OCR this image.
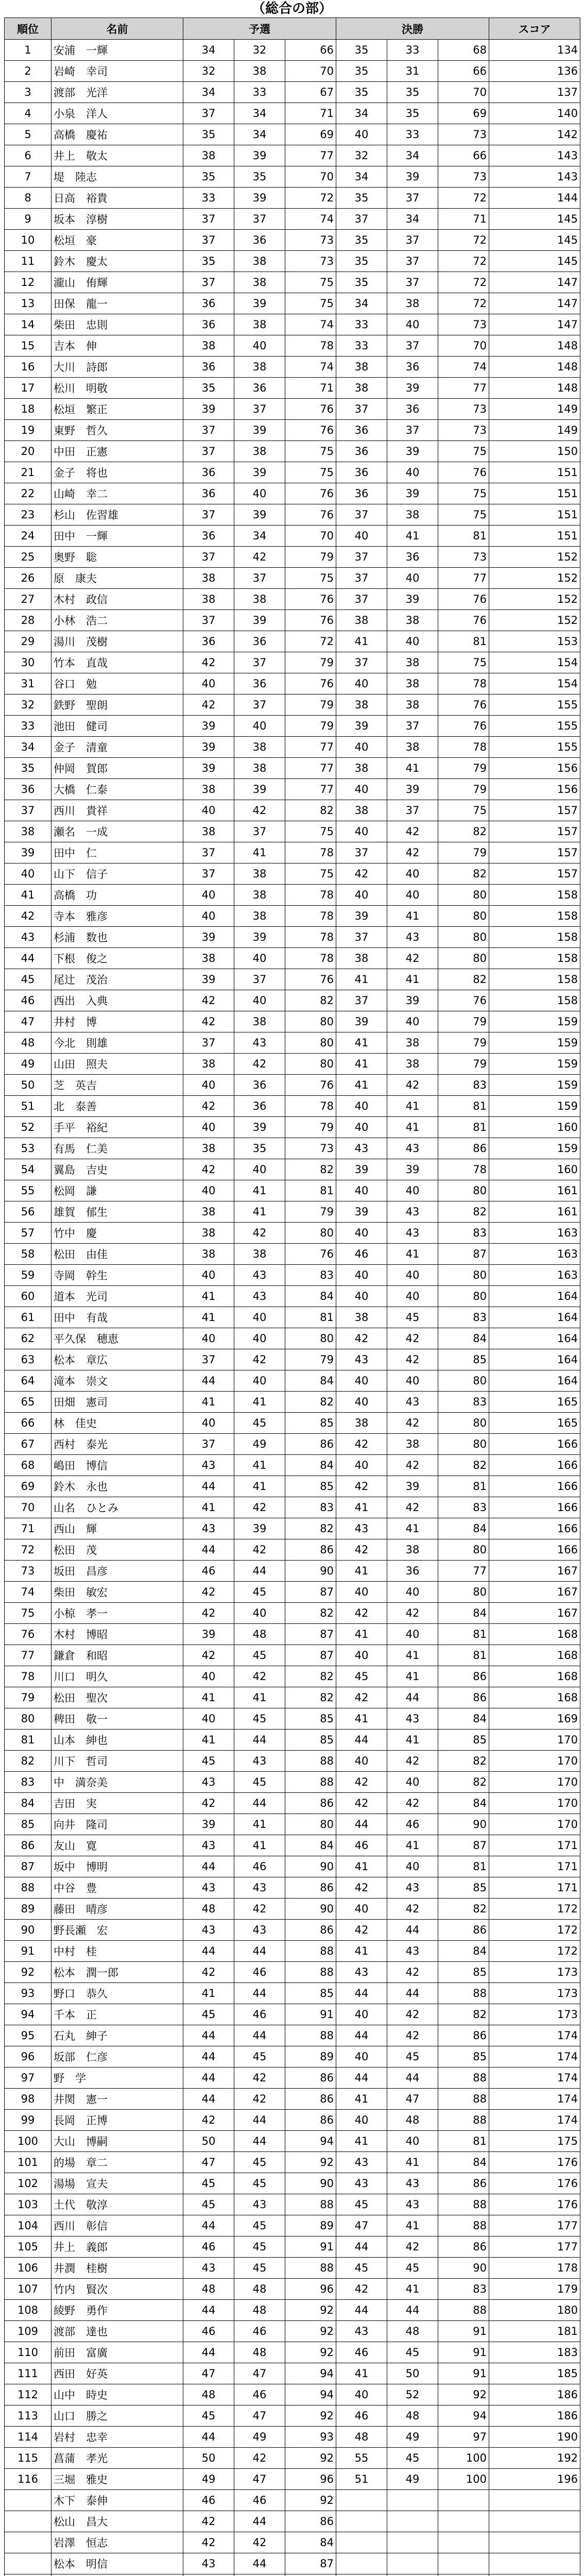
（総合の部）
順位	名前	予選			決勝			スコア
1	安浦　一輝	34	32	66	35	33	68	134
2	岩崎　幸司	32	38	70	35	31	66	136
3	渡部　光洋	34	33	67	35	35	70	137
4	小泉　洋人	37	34	71	34	35	69	140
5	高橋　慶祐	35	34	69	40	33	73	142
6	井上　敬太	38	39	77	32	34	66	143
7	堤　陸志	35	35	70	34	39	73	143
8	日高　裕貴	33	39	72	35	37	72	144
9	坂本　淳樹	37	37	74	37	34	71	145
10	松垣　豪	37	36	73	35	37	72	145
11	鈴木　慶太	35	38	73	35	37	72	145
12	瀧山　侑輝	37	38	75	35	37	72	147
13	田保　龍一	36	39	75	34	38	72	147
14	柴田　忠則	36	38	74	33	40	73	147
15	吉本　伸	38	40	78	33	37	70	148
16	大川　詩郎	36	38	74	38	36	74	148
17	松川　明敬	35	36	71	38	39	77	148
18	松垣　繁正	39	37	76	37	36	73	149
19	東野　哲久	37	39	76	36	37	73	149
20	中田　正憲	37	38	75	36	39	75	150
21	金子　将也	36	39	75	36	40	76	151
22	山崎　幸二	36	40	76	36	39	75	151
23	杉山　佐習雄	37	39	76	37	38	75	151
24	田中　一輝	36	34	70	40	41	81	151
25	奥野　聡	37	42	79	37	36	73	152
26	原　康夫	38	37	75	37	40	77	152
27	木村　政信	38	38	76	37	39	76	152
28	小林　浩二	37	39	76	38	38	76	152
29	湯川　茂樹	36	36	72	41	40	81	153
30	竹本　直哉	42	37	79	37	38	75	154
31	谷口　勉	40	36	76	40	38	78	154
32	鉄野　聖朗	42	37	79	38	38	76	155
33	池田　健司	39	40	79	39	37	76	155
34	金子　清童	39	38	77	40	38	78	155
35	仲岡　賀郎	39	38	77	38	41	79	156
36	大橋　仁泰	38	39	77	40	39	79	156
37	西川　貴祥	40	42	82	38	37	75	157
38	瀬名　一成	38	37	75	40	42	82	157
39	田中　仁	37	41	78	37	42	79	157
40	山下　信子	37	38	75	42	40	82	157
41	高橋　功	40	38	78	40	40	80	158
42	寺本　雅彦	40	38	78	39	41	80	158
43	杉浦　数也	39	39	78	37	43	80	158
44	下根　俊之	38	40	78	38	42	80	158
45	尾辻　茂治	39	37	76	41	41	82	158
46	西出　入典	42	40	82	37	39	76	158
47	井村　博	42	38	80	39	40	79	159
48	今北　則雄	37	43	80	41	38	79	159
49	山田　照夫	38	42	80	41	38	79	159
50	芝　英吉	40	36	76	41	42	83	159
51	北　泰善	42	36	78	40	41	81	159
52	手平　裕紀	40	39	79	40	41	81	160
53	有馬　仁美	38	35	73	43	43	86	159
54	翼島　吉史	42	40	82	39	39	78	160
55	松岡　謙	40	41	81	40	40	80	161
56	雄賀　郁生	38	41	79	39	43	82	161
57	竹中　慶	38	42	80	40	43	83	163
58	松田　由佳	38	38	76	46	41	87	163
59	寺岡　幹生	40	43	83	40	40	80	163
60	道本　光司	41	43	84	40	40	80	164
61	田中　有哉	41	40	81	38	45	83	164
62	平久保　穂恵	40	40	80	42	42	84	164
63	松本　章広	37	42	79	43	42	85	164
64	滝本　崇文	44	40	84	40	40	80	164
65	田畑　憲司	41	41	82	40	43	83	165
66	林　佳史	40	45	85	38	42	80	165
67	西村　泰光	37	49	86	42	38	80	166
68	嶋田　博信	43	41	84	40	42	82	166
69	鈴木　永也	44	41	85	42	39	81	166
70	山名　ひとみ	41	42	83	41	42	83	166
71	西山　輝	43	39	82	43	41	84	166
72	松田　茂	44	42	86	42	38	80	166
73	坂田　昌彦	46	44	90	41	36	77	167
74	柴田　敏宏	42	45	87	40	40	80	167
75	小椋　孝一	42	40	82	42	42	84	167
76	木村　博昭	39	48	87	41	40	81	168
77	鎌倉　和昭	42	45	87	40	41	81	168
78	川口　明久	40	42	82	45	41	86	168
79	松田　聖次	41	41	82	42	44	86	168
80	稗田　敬一	40	45	85	41	43	84	169
81	山本　紳也	41	44	85	44	41	85	170
82	川下　哲司	45	43	88	40	42	82	170
83	中　満奈美	43	45	88	42	40	82	170
84	吉田　実	42	44	86	42	42	84	170
85	向井　隆司	39	41	80	44	46	90	170
86	友山　寛	43	41	84	46	41	87	171
87	坂中　博明	44	46	90	41	40	81	171
88	中谷　豊	43	43	86	42	43	85	171
89	藤田　晴彦	48	42	90	40	42	82	172
90	野長瀬　宏	43	43	86	42	44	86	172
91	中村　桂	44	44	88	41	43	84	172
92	松本　潤一郎	42	46	88	43	42	85	173
93	野口　恭久	41	44	85	44	44	88	173
94	千本　正	45	46	91	40	42	82	173
95	石丸　紳子	44	44	88	44	42	86	174
96	坂部　仁彦	44	45	89	40	45	85	174
97	野　学	44	42	86	44	44	88	174
98	井関　憲一	44	42	86	41	47	88	174
99	長岡　正博	42	44	86	40	48	88	174
100	大山　博嗣	50	44	94	41	40	81	175
101	的場　章二	47	45	92	43	41	84	176
102	湯場　宣夫	45	45	90	43	43	86	176
103	土代　敬淳	45	43	88	45	43	88	176
104	西川　彰信	44	45	89	47	41	88	177
105	井上　義郎	46	45	91	44	42	86	177
106	井潤　桂樹	43	45	88	45	45	90	178
107	竹内　賢次	48	48	96	42	41	83	179
108	綾野　勇作	44	48	92	44	44	88	180
109	渡部　達也	46	46	92	43	48	91	181
110	前田　富廣	44	48	92	46	45	91	183
111	西田　好英	47	47	94	41	50	91	185
112	山中　時史	48	46	94	40	52	92	186
113	山口　勝之	45	47	92	46	48	94	186
114	岩村　忠幸	44	49	93	48	49	97	190
115	菖蒲　孝光	50	42	92	55	45	100	192
116	三堀　雅史	49	47	96	51	49	100	196
	木下　泰伸	46	46	92				
	松山　昌大	42	44	86				
	岩澤　恒志	42	42	84				
	松本　明信	43	44	87				
